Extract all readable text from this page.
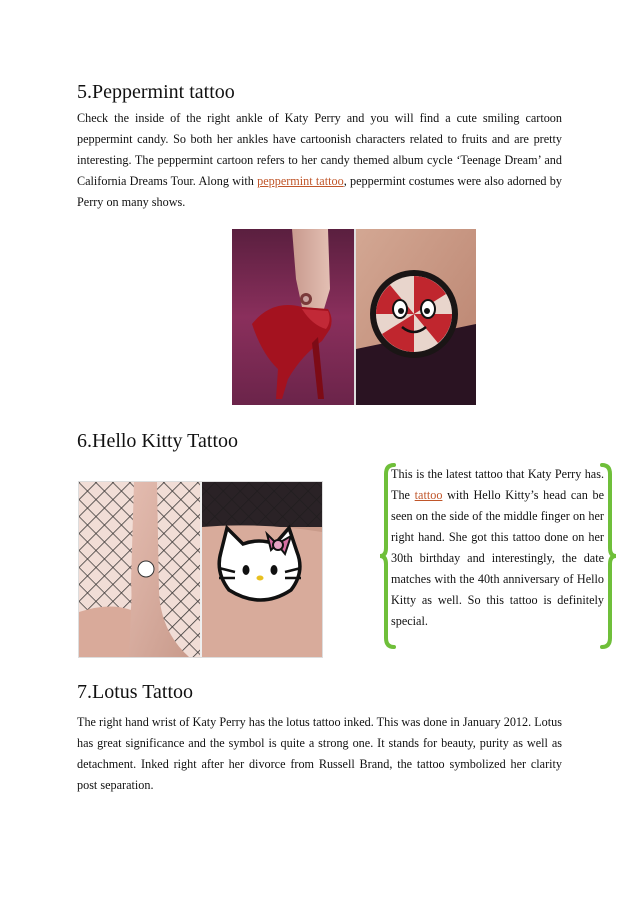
5.Peppermint tattoo
Check the inside of the right ankle of Katy Perry and you will find a cute smiling cartoon peppermint candy. So both her ankles have cartoonish characters related to fruits and are pretty interesting. The peppermint cartoon refers to her candy themed album cycle ‘Teenage Dream’ and California Dreams Tour. Along with peppermint tattoo, peppermint costumes were also adorned by Perry on many shows.
6.Hello Kitty Tattoo
This is the latest tattoo that Katy Perry has. The tattoo with Hello Kitty’s head can be seen on the side of the middle finger on her right hand. She got this tattoo done on her 30th birthday and interestingly, the date matches with the 40th anniversary of Hello Kitty as well. So this tattoo is definitely special.
7.Lotus Tattoo
The right hand wrist of Katy Perry has the lotus tattoo inked. This was done in January 2012. Lotus has great significance and the symbol is quite a strong one. It stands for beauty, purity as well as detachment. Inked right after her divorce from Russell Brand, the tattoo symbolized her clarity post separation.
